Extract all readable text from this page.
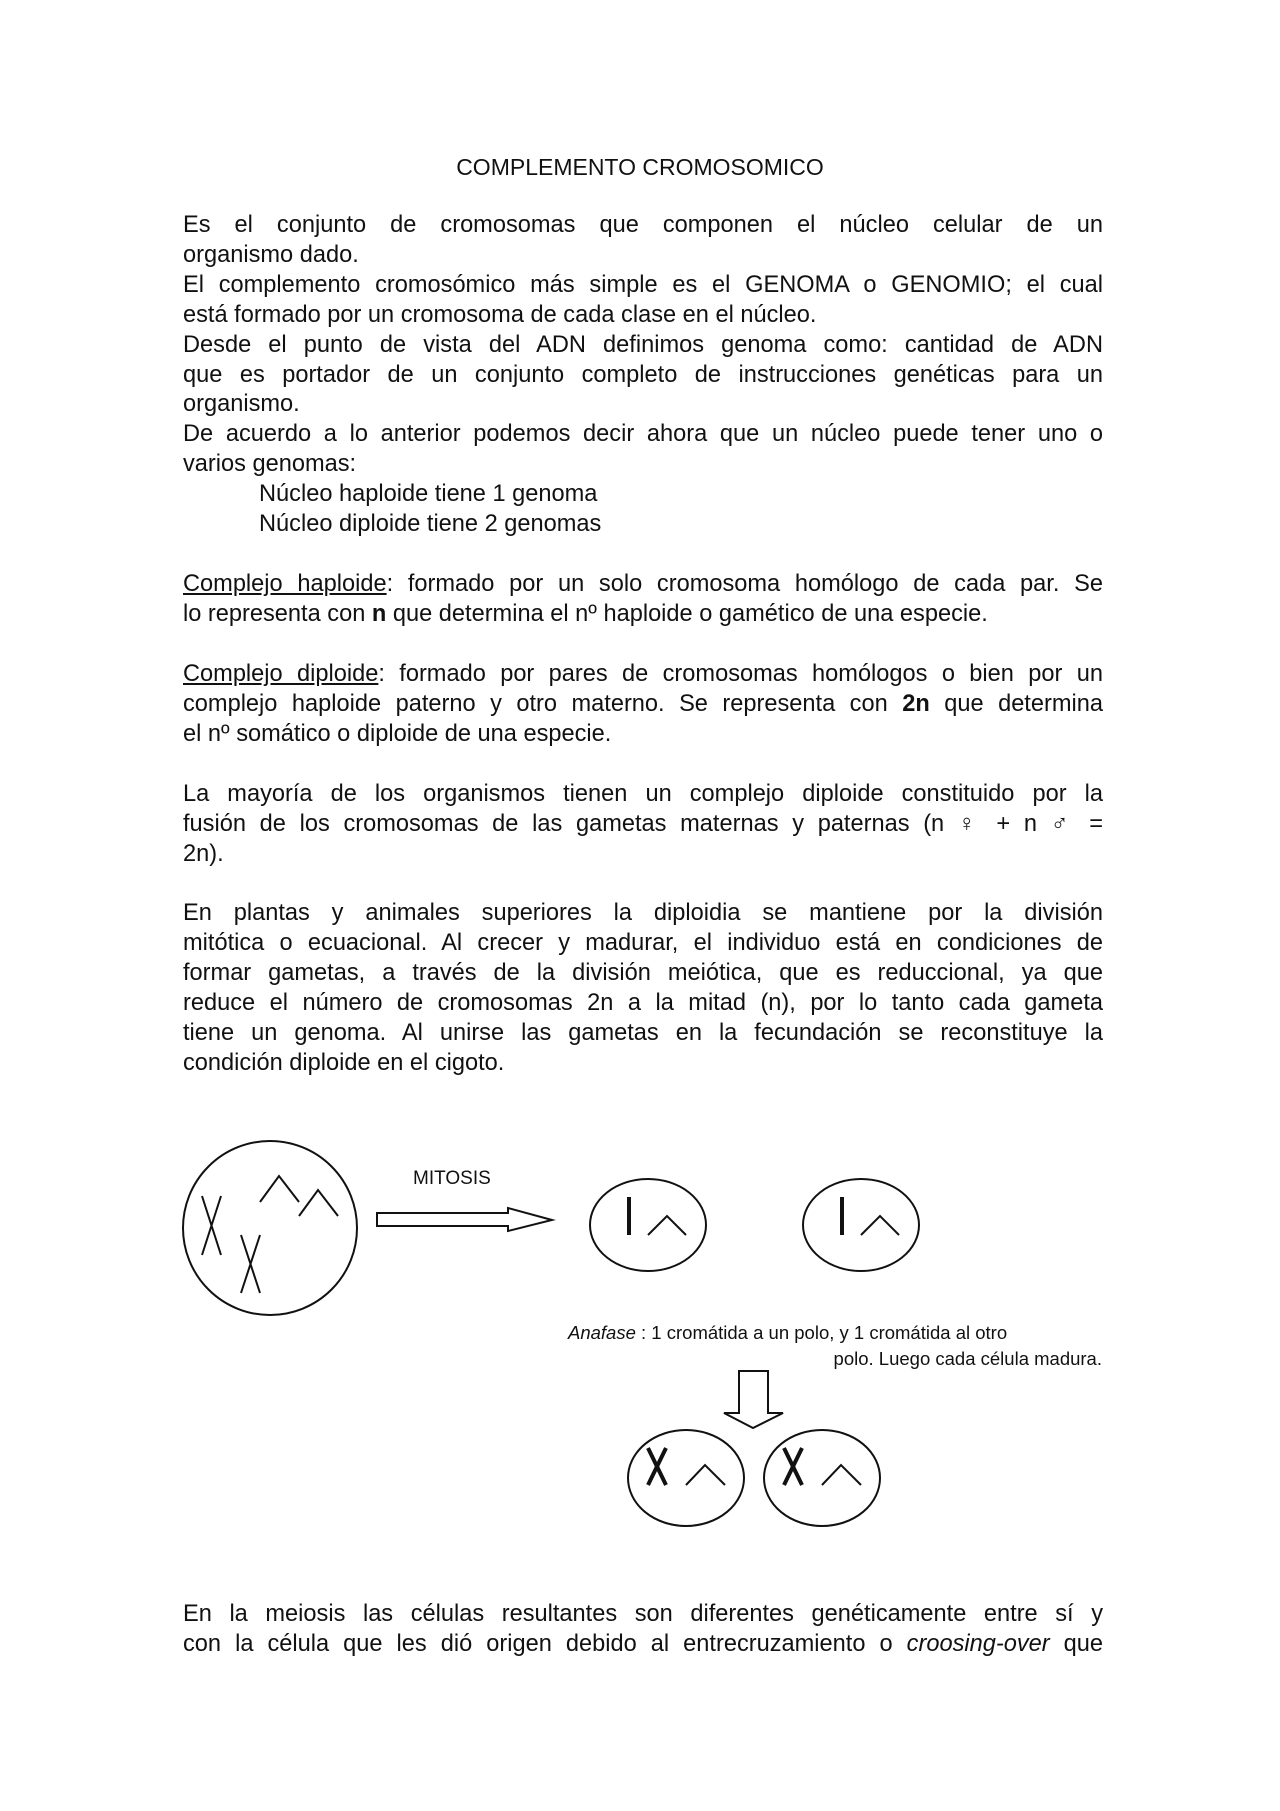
COMPLEMENTO CROMOSOMICO
Es el conjunto de cromosomas que componen el núcleo celular de un
organismo dado.
El complemento cromosómico más simple es el GENOMA o GENOMIO; el cual
está formado por un cromosoma de cada clase en el núcleo.
Desde el punto de vista del ADN definimos genoma como: cantidad de ADN
que es portador de un conjunto completo de instrucciones genéticas para un
organismo.
De acuerdo a lo anterior podemos decir ahora que un núcleo puede tener uno o
varios genomas:
Núcleo haploide tiene 1 genoma
Núcleo diploide tiene 2 genomas
Complejo haploide: formado por un solo cromosoma homólogo de cada par. Se
lo representa con n que determina el nº haploide o gamético de una especie.
Complejo diploide: formado por pares de cromosomas homólogos o bien por un
complejo haploide paterno y otro materno. Se representa con 2n que determina
el nº somático o diploide de una especie.
La mayoría de los organismos tienen un complejo diploide constituido por la
fusión de los cromosomas de las gametas maternas y paternas (n ♀ + n ♂ =
2n).
En plantas y animales superiores la diploidia se mantiene por la división
mitótica o ecuacional. Al crecer y madurar, el individuo está en condiciones de
formar gametas, a través de la división meiótica, que es reduccional, ya que
reduce el número de cromosomas 2n a la mitad (n), por lo tanto cada gameta
tiene un genoma. Al unirse las gametas en la fecundación se reconstituye la
condición diploide en el cigoto.
MITOSIS
Anafase : 1 cromátida a un polo, y 1 cromátida al otro
polo. Luego cada célula madura.
En la meiosis las células resultantes son diferentes genéticamente entre sí y
con la célula que les dió origen debido al entrecruzamiento o croosing-over que
